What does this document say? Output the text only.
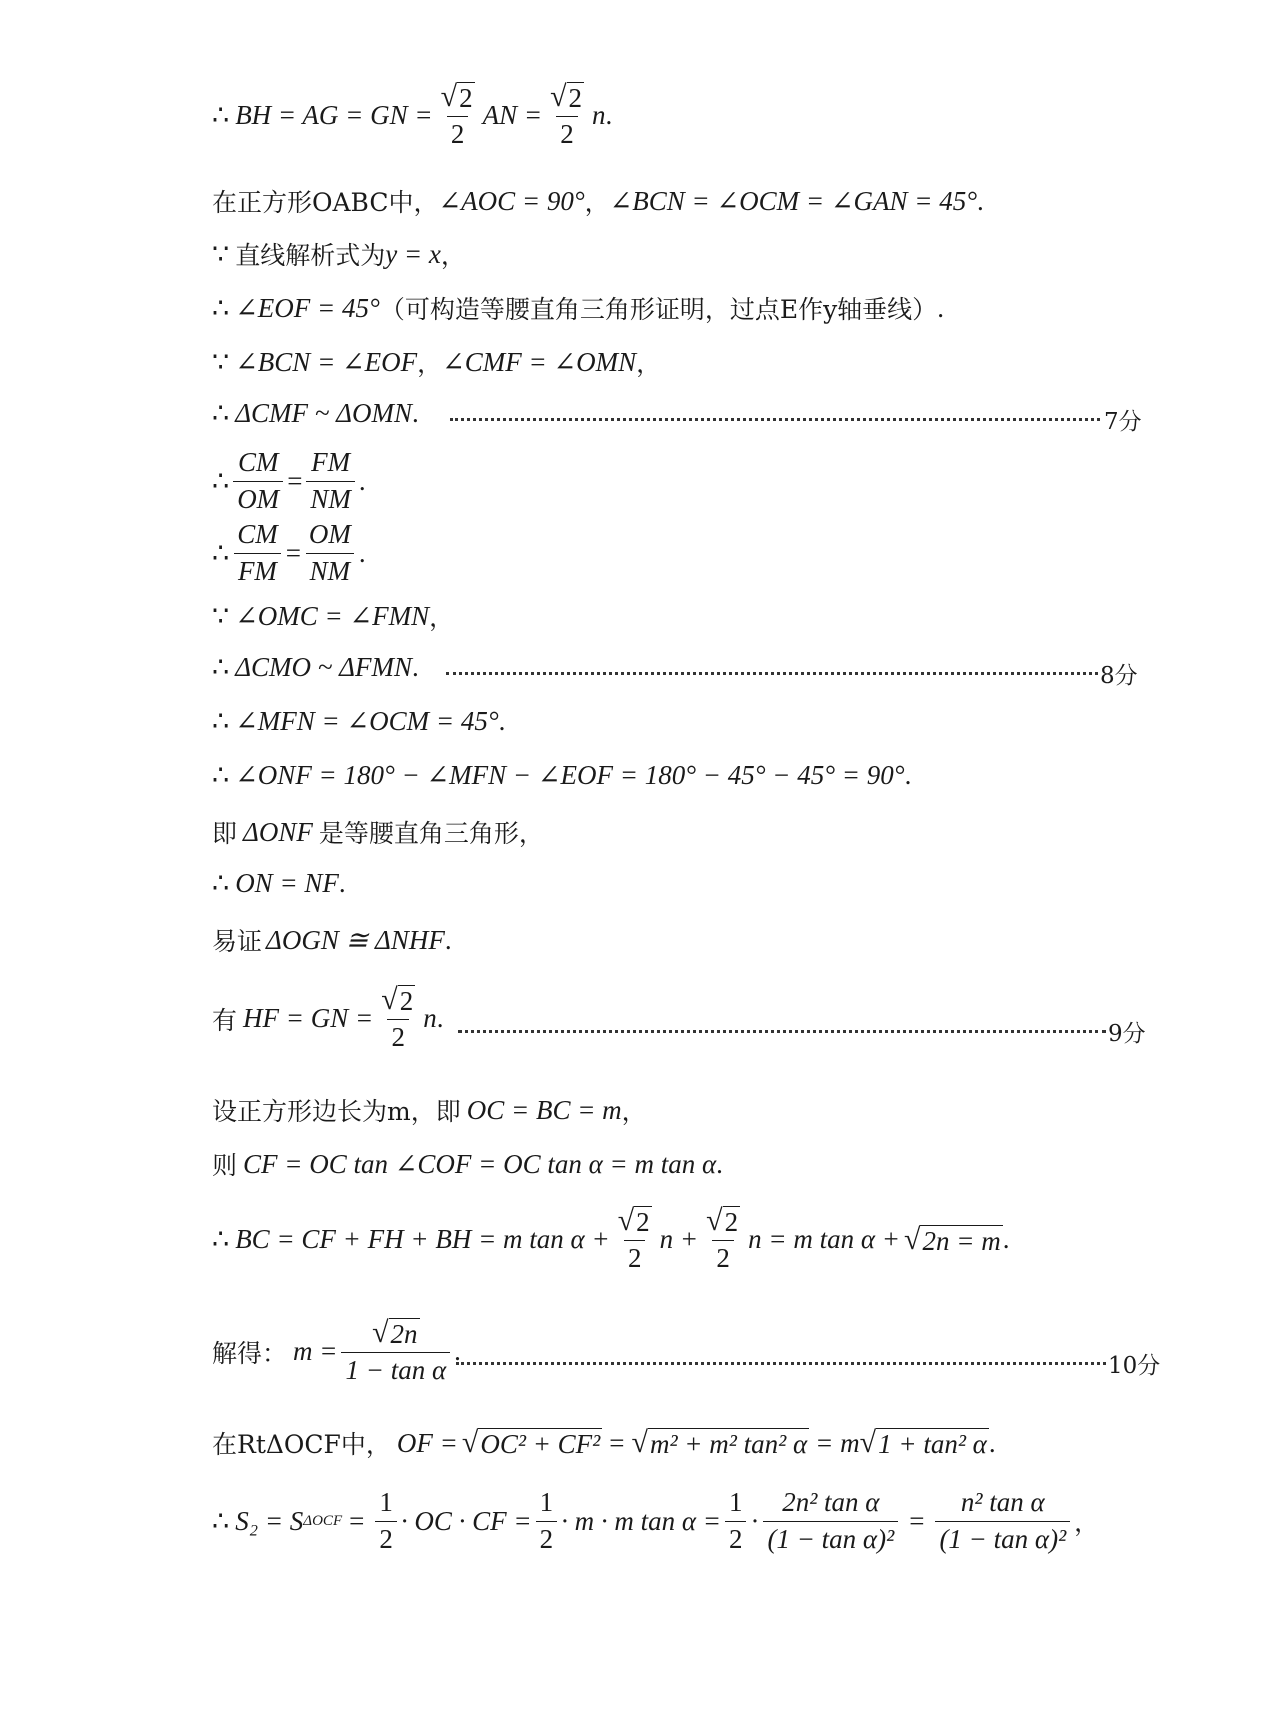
∴ BH = AG = GN = $\frac{√ 2}{2}$ AN = $\frac{√ 2}{2}$ n .
在正方形OABC中， ∠AOC = 90° ， ∠BCN = ∠OCM = ∠GAN = 45° .
∵ 直线解析式为 y = x ，
∴ ∠EOF = 45° （可构造等腰直角三角形证明，过点E作y轴垂线） .
∵ ∠BCN = ∠EOF ， ∠CMF = ∠OMN ，
∴ ΔCMF ~ ΔOMN .	7分
∴ $\frac{CM}{OM} = \frac{FM}{NM}$ .
∴ $\frac{CM}{FM} = \frac{OM}{NM}$ .
∵ ∠OMC = ∠FMN ，
∴ ΔCMO ~ ΔFMN .	8分
∴ ∠MFN = ∠OCM = 45° .
∴ ∠ONF = 180° − ∠MFN − ∠EOF = 180° − 45° − 45° = 90° .
即 ΔONF 是等腰直角三角形，
∴ ON = NF .
易证 ΔOGN ≅ ΔNHF .
有 HF = GN = $\frac{√ 2}{2}$ n .
9分
设正方形边长为m，即 OC = BC = m ，
则 CF = OC tan ∠COF = OC tan α = m tan α .
∴ BC = CF + FH + BH = m $\tan \alpha + \frac{√ 2}{2}$ $n + \frac{√ 2}{2}$ n = m tan α + √ 2n = m .
解得： $m = \frac{√ 2n}{\text{1 − tan α}}$ .	10分
在RtΔOCF中， OF = √ OC² + CF² = √ m² + m² tan² α = m √ 1 + tan² α .
∴ S₂ = S $\Delta OCF = \frac{1}{2}$ · OC · CF = $\frac{1}{2} \cdot m \cdot m$ $\tan \alpha = \frac{1}{2} \cdot \frac{\text{2n² tan α}}{\text{(1 − tan α)²}} = \frac{\text{n² tan α}}{\text{(1 − tan α)²}}$ ，
